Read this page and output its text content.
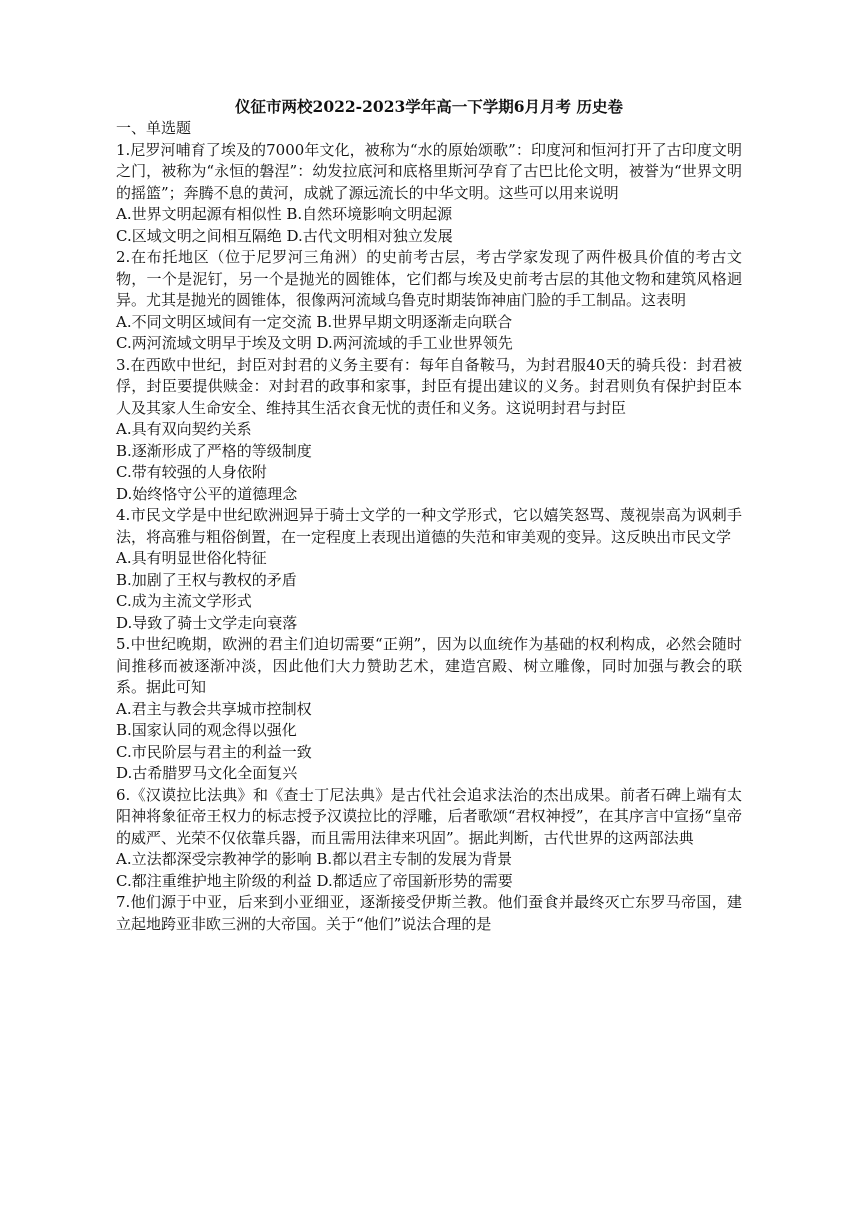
仪征市两校2022-2023学年高一下学期6月月考 历史卷
一、单选题
1.尼罗河哺育了埃及的7000年文化，被称为“水的原始颂歌”：印度河和恒河打开了古印度文明之门，被称为“永恒的磐涅”：幼发拉底河和底格里斯河孕育了古巴比伦文明，被誉为“世界文明的摇篮”；奔腾不息的黄河，成就了源远流长的中华文明。这些可以用来说明
A.世界文明起源有相似性 B.自然环境影响文明起源
C.区域文明之间相互隔绝 D.古代文明相对独立发展
2.在布托地区（位于尼罗河三角洲）的史前考古层，考古学家发现了两件极具价值的考古文物，一个是泥钉，另一个是抛光的圆锥体，它们都与埃及史前考古层的其他文物和建筑风格迥异。尤其是抛光的圆锥体，很像两河流域乌鲁克时期装饰神庙门脸的手工制品。这表明
A.不同文明区域间有一定交流 B.世界早期文明逐渐走向联合
C.两河流域文明早于埃及文明 D.两河流域的手工业世界领先
3.在西欧中世纪，封臣对封君的义务主要有：每年自备鞍马，为封君服40天的骑兵役：封君被俘，封臣要提供赎金：对封君的政事和家事，封臣有提出建议的义务。封君则负有保护封臣本人及其家人生命安全、维持其生活衣食无忧的责任和义务。这说明封君与封臣
A.具有双向契约关系
B.逐渐形成了严格的等级制度
C.带有较强的人身依附
D.始终恪守公平的道德理念
4.市民文学是中世纪欧洲迥异于骑士文学的一种文学形式，它以嬉笑怒骂、蔑视崇高为讽刺手法，将高雅与粗俗倒置，在一定程度上表现出道德的失范和审美观的变异。这反映出市民文学
A.具有明显世俗化特征
B.加剧了王权与教权的矛盾
C.成为主流文学形式
D.导致了骑士文学走向衰落
5.中世纪晚期，欧洲的君主们迫切需要“正朔”，因为以血统作为基础的权利构成，必然会随时间推移而被逐渐冲淡，因此他们大力赞助艺术，建造宫殿、树立雕像，同时加强与教会的联系。据此可知
A.君主与教会共享城市控制权
B.国家认同的观念得以强化
C.市民阶层与君主的利益一致
D.古希腊罗马文化全面复兴
6.《汉谟拉比法典》和《查士丁尼法典》是古代社会追求法治的杰出成果。前者石碑上端有太阳神将象征帝王权力的标志授予汉谟拉比的浮雕，后者歌颂“君权神授”，在其序言中宣扬“皇帝的威严、光荣不仅依靠兵器，而且需用法律来巩固”。据此判断，古代世界的这两部法典
A.立法都深受宗教神学的影响 B.都以君主专制的发展为背景
C.都注重维护地主阶级的利益 D.都适应了帝国新形势的需要
7.他们源于中亚，后来到小亚细亚，逐渐接受伊斯兰教。他们蚕食并最终灭亡东罗马帝国，建立起地跨亚非欧三洲的大帝国。关于“他们”说法合理的是
